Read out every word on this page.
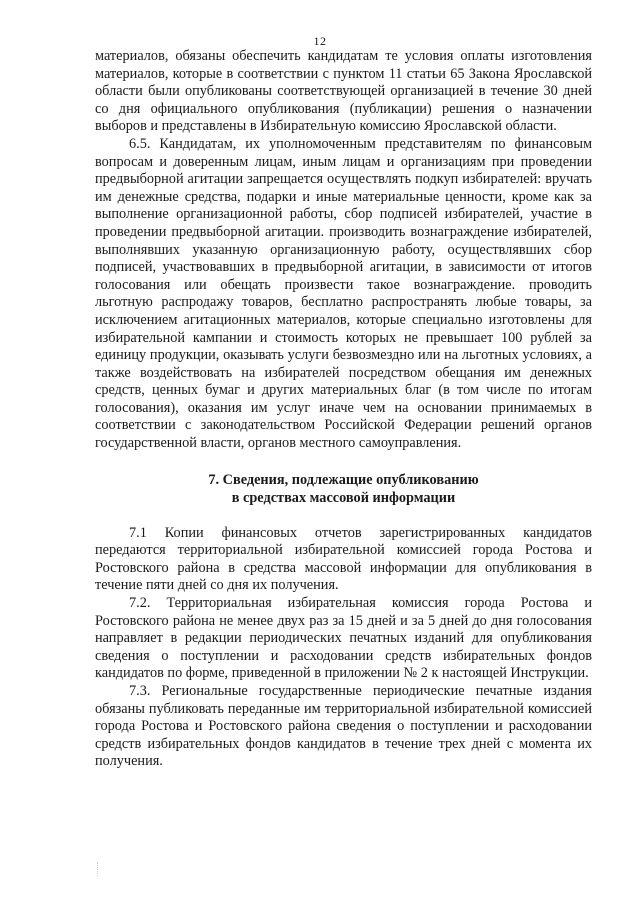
12

материалов, обязаны обеспечить кандидатам те условия оплаты изготовления материалов, которые в соответствии с пунктом 11 статьи 65 Закона Ярославской области были опубликованы соответствующей организацией в течение 30 дней со дня официального опубликования (публикации) решения о назначении выборов и представлены в Избирательную комиссию Ярославской области.

6.5. Кандидатам, их уполномоченным представителям по финансовым вопросам и доверенным лицам, иным лицам и организациям при проведении предвыборной агитации запрещается осуществлять подкуп избирателей: вручать им денежные средства, подарки и иные материальные ценности, кроме как за выполнение организационной работы, сбор подписей избирателей, участие в проведении предвыборной агитации. производить вознаграждение избирателей, выполнявших указанную организационную работу, осуществлявших сбор подписей, участвовавших в предвыборной агитации, в зависимости от итогов голосования или обещать произвести такое вознаграждение. проводить льготную распродажу товаров, бесплатно распространять любые товары, за исключением агитационных материалов, которые специально изготовлены для избирательной кампании и стоимость которых не превышает 100 рублей за единицу продукции, оказывать услуги безвозмездно или на льготных условиях, а также воздействовать на избирателей посредством обещания им денежных средств, ценных бумаг и других материальных благ (в том числе по итогам голосования), оказания им услуг иначе чем на основании принимаемых в соответствии с законодательством Российской Федерации решений органов государственной власти, органов местного самоуправления.

7. Сведения, подлежащие опубликованию
в средствах массовой информации

7.1 Копии финансовых отчетов зарегистрированных кандидатов передаются территориальной избирательной комиссией города Ростова и Ростовского района в средства массовой информации для опубликования в течение пяти дней со дня их получения.

7.2. Территориальная избирательная комиссия города Ростова и Ростовского района не менее двух раз за 15 дней и за 5 дней до дня голосования направляет в редакции периодических печатных изданий для опубликования сведения о поступлении и расходовании средств избирательных фондов кандидатов по форме, приведенной в приложении № 2 к настоящей Инструкции.

7.3. Региональные государственные периодические печатные издания обязаны публиковать переданные им территориальной избирательной комиссией города Ростова и Ростовского района сведения о поступлении и расходовании средств избирательных фондов кандидатов в течение трех дней с момента их получения.
